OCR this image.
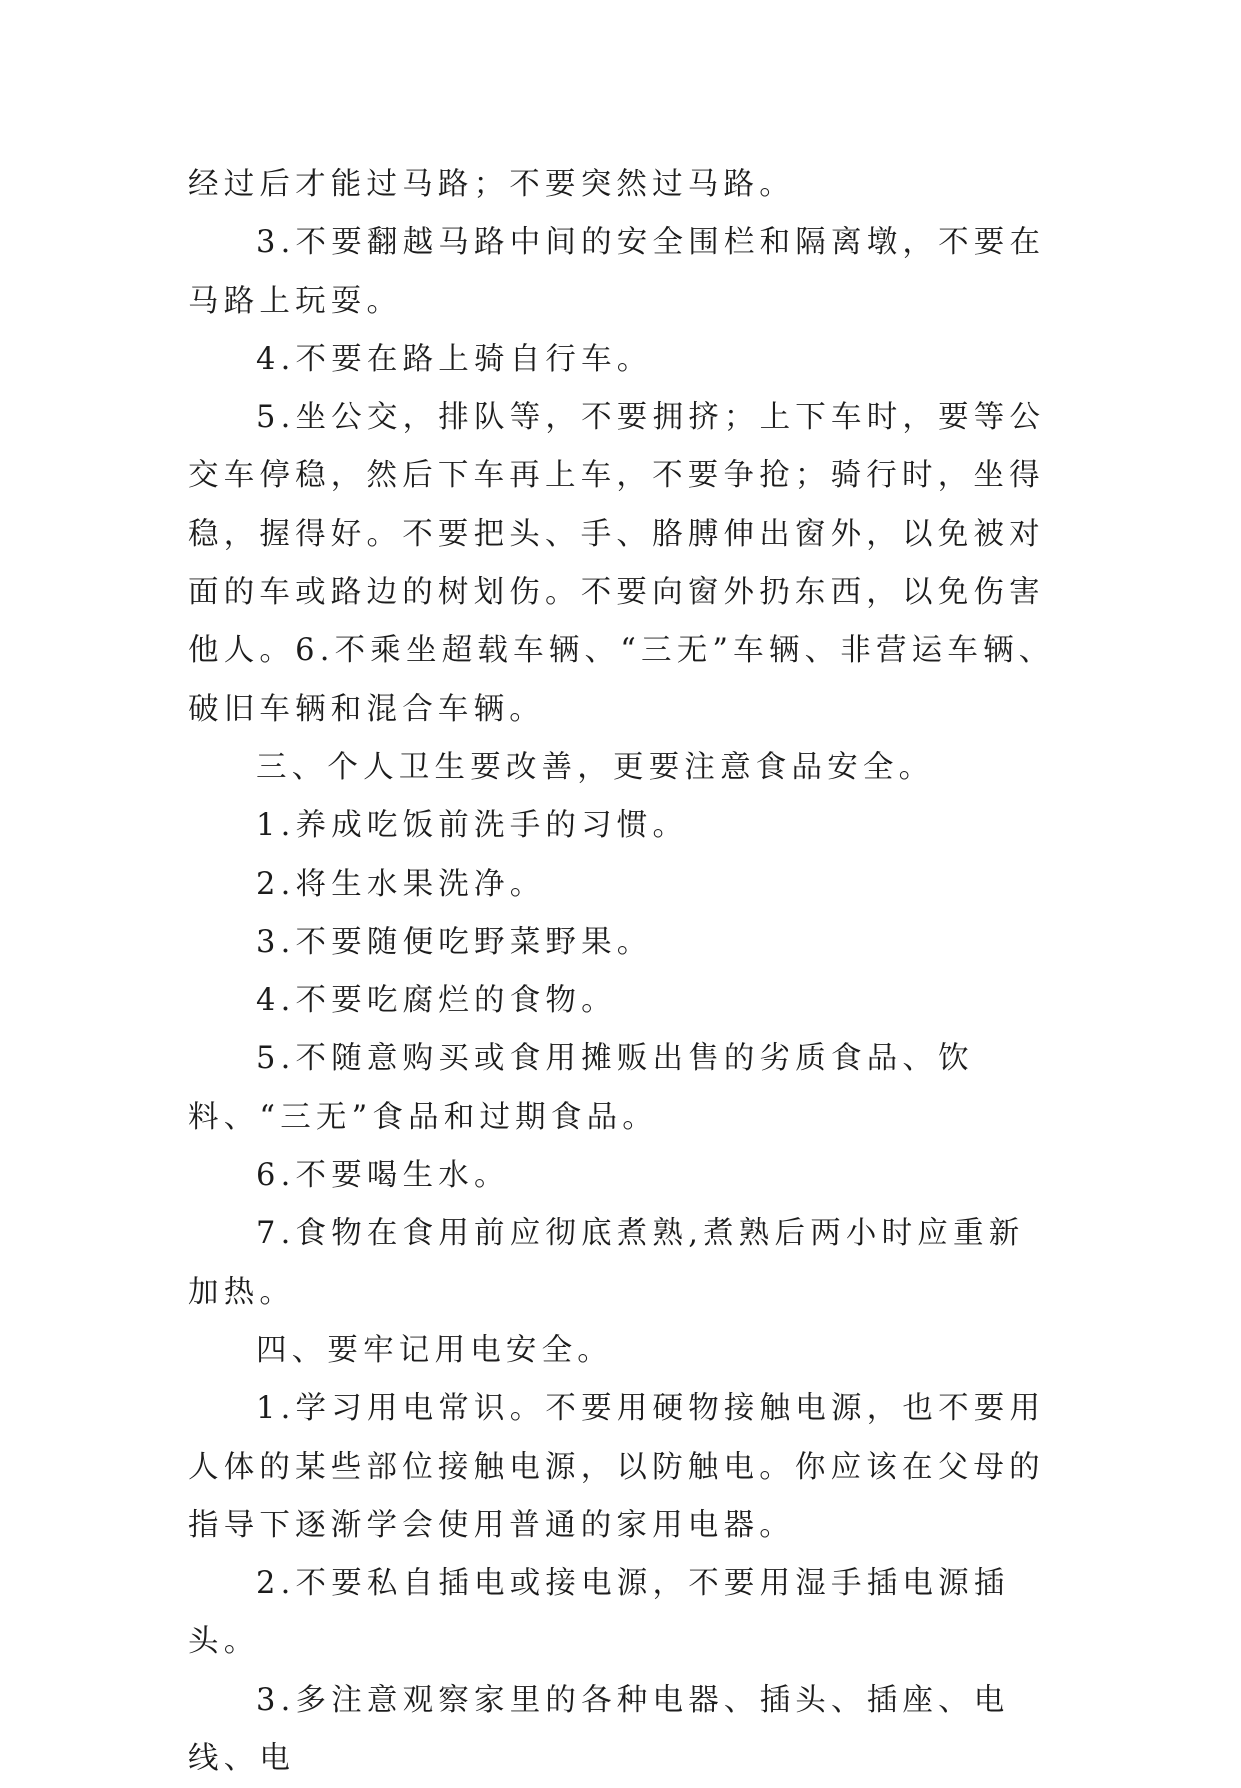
经过后才能过马路；不要突然过马路。

3.不要翻越马路中间的安全围栏和隔离墩，不要在马路上玩耍。

4.不要在路上骑自行车。

5.坐公交，排队等，不要拥挤；上下车时，要等公交车停稳，然后下车再上车，不要争抢；骑行时，坐得稳，握得好。不要把头、手、胳膊伸出窗外，以免被对面的车或路边的树划伤。不要向窗外扔东西，以免伤害他人。6.不乘坐超载车辆、“三无”车辆、非营运车辆、破旧车辆和混合车辆。

三、个人卫生要改善，更要注意食品安全。

1.养成吃饭前洗手的习惯。

2.将生水果洗净。

3.不要随便吃野菜野果。

4.不要吃腐烂的食物。

5.不随意购买或食用摊贩出售的劣质食品、饮料、“三无”食品和过期食品。

6.不要喝生水。

7.食物在食用前应彻底煮熟,煮熟后两小时应重新加热。

四、要牢记用电安全。

1.学习用电常识。不要用硬物接触电源，也不要用人体的某些部位接触电源，以防触电。你应该在父母的指导下逐渐学会使用普通的家用电器。

2.不要私自插电或接电源，不要用湿手插电源插头。

3.多注意观察家里的各种电器、插头、插座、电线、电
